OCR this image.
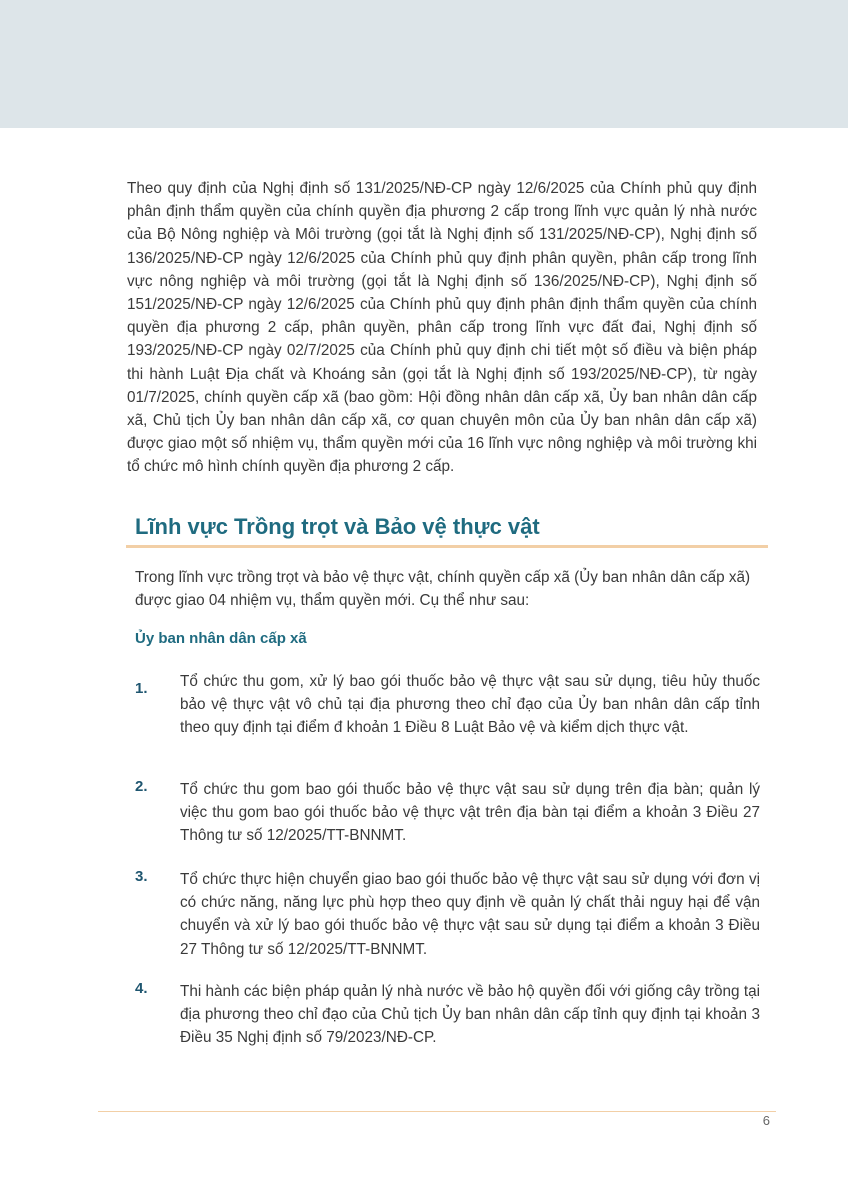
Theo quy định của Nghị định số 131/2025/NĐ-CP ngày 12/6/2025 của Chính phủ quy định phân định thẩm quyền của chính quyền địa phương 2 cấp trong lĩnh vực quản lý nhà nước của Bộ Nông nghiệp và Môi trường (gọi tắt là Nghị định số 131/2025/NĐ-CP), Nghị định số 136/2025/NĐ-CP ngày 12/6/2025 của Chính phủ quy định phân quyền, phân cấp trong lĩnh vực nông nghiệp và môi trường (gọi tắt là Nghị định số 136/2025/NĐ-CP), Nghị định số 151/2025/NĐ-CP ngày 12/6/2025 của Chính phủ quy định phân định thẩm quyền của chính quyền địa phương 2 cấp, phân quyền, phân cấp trong lĩnh vực đất đai, Nghị định số 193/2025/NĐ-CP ngày 02/7/2025 của Chính phủ quy định chi tiết một số điều và biện pháp thi hành Luật Địa chất và Khoáng sản (gọi tắt là Nghị định số 193/2025/NĐ-CP), từ ngày 01/7/2025, chính quyền cấp xã (bao gồm: Hội đồng nhân dân cấp xã, Ủy ban nhân dân cấp xã, Chủ tịch Ủy ban nhân dân cấp xã, cơ quan chuyên môn của Ủy ban nhân dân cấp xã) được giao một số nhiệm vụ, thẩm quyền mới của 16 lĩnh vực nông nghiệp và môi trường khi tổ chức mô hình chính quyền địa phương 2 cấp.

Lĩnh vực Trồng trọt và Bảo vệ thực vật

Trong lĩnh vực trồng trọt và bảo vệ thực vật, chính quyền cấp xã (Ủy ban nhân dân cấp xã) được giao 04 nhiệm vụ, thẩm quyền mới. Cụ thể như sau:

Ủy ban nhân dân cấp xã
1.	Tổ chức thu gom, xử lý bao gói thuốc bảo vệ thực vật sau sử dụng, tiêu hủy thuốc bảo vệ thực vật vô chủ tại địa phương theo chỉ đạo của Ủy ban nhân dân cấp tỉnh theo quy định tại điểm đ khoản 1 Điều 8 Luật Bảo vệ và kiểm dịch thực vật.

2.	Tổ chức thu gom bao gói thuốc bảo vệ thực vật sau sử dụng trên địa bàn; quản lý việc thu gom bao gói thuốc bảo vệ thực vật trên địa bàn tại điểm a khoản 3 Điều 27 Thông tư số 12/2025/TT-BNNMT.

3.	Tổ chức thực hiện chuyển giao bao gói thuốc bảo vệ thực vật sau sử dụng với đơn vị có chức năng, năng lực phù hợp theo quy định về quản lý chất thải nguy hại để vận chuyển và xử lý bao gói thuốc bảo vệ thực vật sau sử dụng tại điểm a khoản 3 Điều 27 Thông tư số 12/2025/TT-BNNMT.

4.	Thi hành các biện pháp quản lý nhà nước về bảo hộ quyền đối với giống cây trồng tại địa phương theo chỉ đạo của Chủ tịch Ủy ban nhân dân cấp tỉnh quy định tại khoản 3 Điều 35 Nghị định số 79/2023/NĐ-CP.

6
